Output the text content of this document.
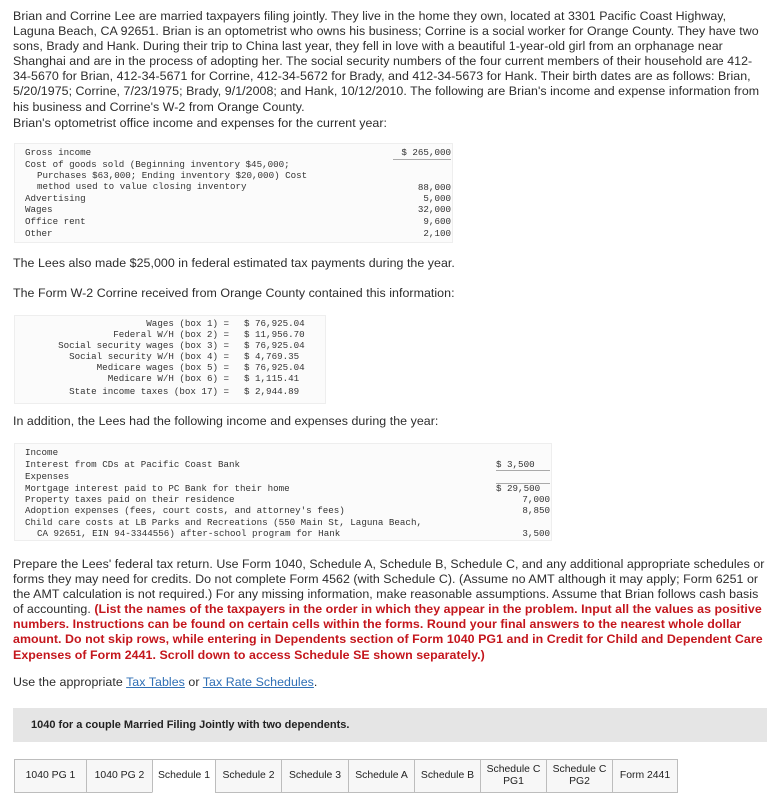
Brian and Corrine Lee are married taxpayers filing jointly. They live in the home they own, located at 3301 Pacific Coast Highway, Laguna Beach, CA 92651. Brian is an optometrist who owns his business; Corrine is a social worker for Orange County. They have two sons, Brady and Hank. During their trip to China last year, they fell in love with a beautiful 1-year-old girl from an orphanage near Shanghai and are in the process of adopting her. The social security numbers of the four current members of their household are 412-34-5670 for Brian, 412-34-5671 for Corrine, 412-34-5672 for Brady, and 412-34-5673 for Hank. Their birth dates are as follows: Brian, 5/20/1975; Corrine, 7/23/1975; Brady, 9/1/2008; and Hank, 10/12/2010. The following are Brian's income and expense information from his business and Corrine's W-2 from Orange County.

Brian's optometrist office income and expenses for the current year:

Gross income	$ 265,000
Cost of goods sold (Beginning inventory $45,000;
Purchases $63,000; Ending inventory $20,000) Cost
method used to value closing inventory	88,000
Advertising	5,000
Wages	32,000
Office rent	9,600
Other	2,100

The Lees also made $25,000 in federal estimated tax payments during the year.

The Form W-2 Corrine received from Orange County contained this information:

Wages (box 1) = $ 76,925.04
Federal W/H (box 2) = $ 11,956.70
Social security wages (box 3) = $ 76,925.04
Social security W/H (box 4) = $ 4,769.35
Medicare wages (box 5) = $ 76,925.04
Medicare W/H (box 6) = $ 1,115.41
State income taxes (box 17) = $ 2,944.89

In addition, the Lees had the following income and expenses during the year:

Income
Interest from CDs at Pacific Coast Bank	$ 3,500
Expenses
Mortgage interest paid to PC Bank for their home	$ 29,500
Property taxes paid on their residence	7,000
Adoption expenses (fees, court costs, and attorney's fees)	8,850
Child care costs at LB Parks and Recreations (550 Main St, Laguna Beach,
CA 92651, EIN 94-3344556) after-school program for Hank	3,500

Prepare the Lees' federal tax return. Use Form 1040, Schedule A, Schedule B, Schedule C, and any additional appropriate schedules or forms they may need for credits. Do not complete Form 4562 (with Schedule C). (Assume no AMT although it may apply; Form 6251 or the AMT calculation is not required.) For any missing information, make reasonable assumptions. Assume that Brian follows cash basis of accounting. (List the names of the taxpayers in the order in which they appear in the problem. Input all the values as positive numbers. Instructions can be found on certain cells within the forms. Round your final answers to the nearest whole dollar amount. Do not skip rows, while entering in Dependents section of Form 1040 PG1 and in Credit for Child and Dependent Care Expenses of Form 2441. Scroll down to access Schedule SE shown separately.)

Use the appropriate Tax Tables or Tax Rate Schedules.

1040 for a couple Married Filing Jointly with two dependents.
1040 PG 1	1040 PG 2	Schedule 1	Schedule 2	Schedule 3	Schedule A	Schedule B
Schedule C PG1
Schedule C PG2
Form 2441
